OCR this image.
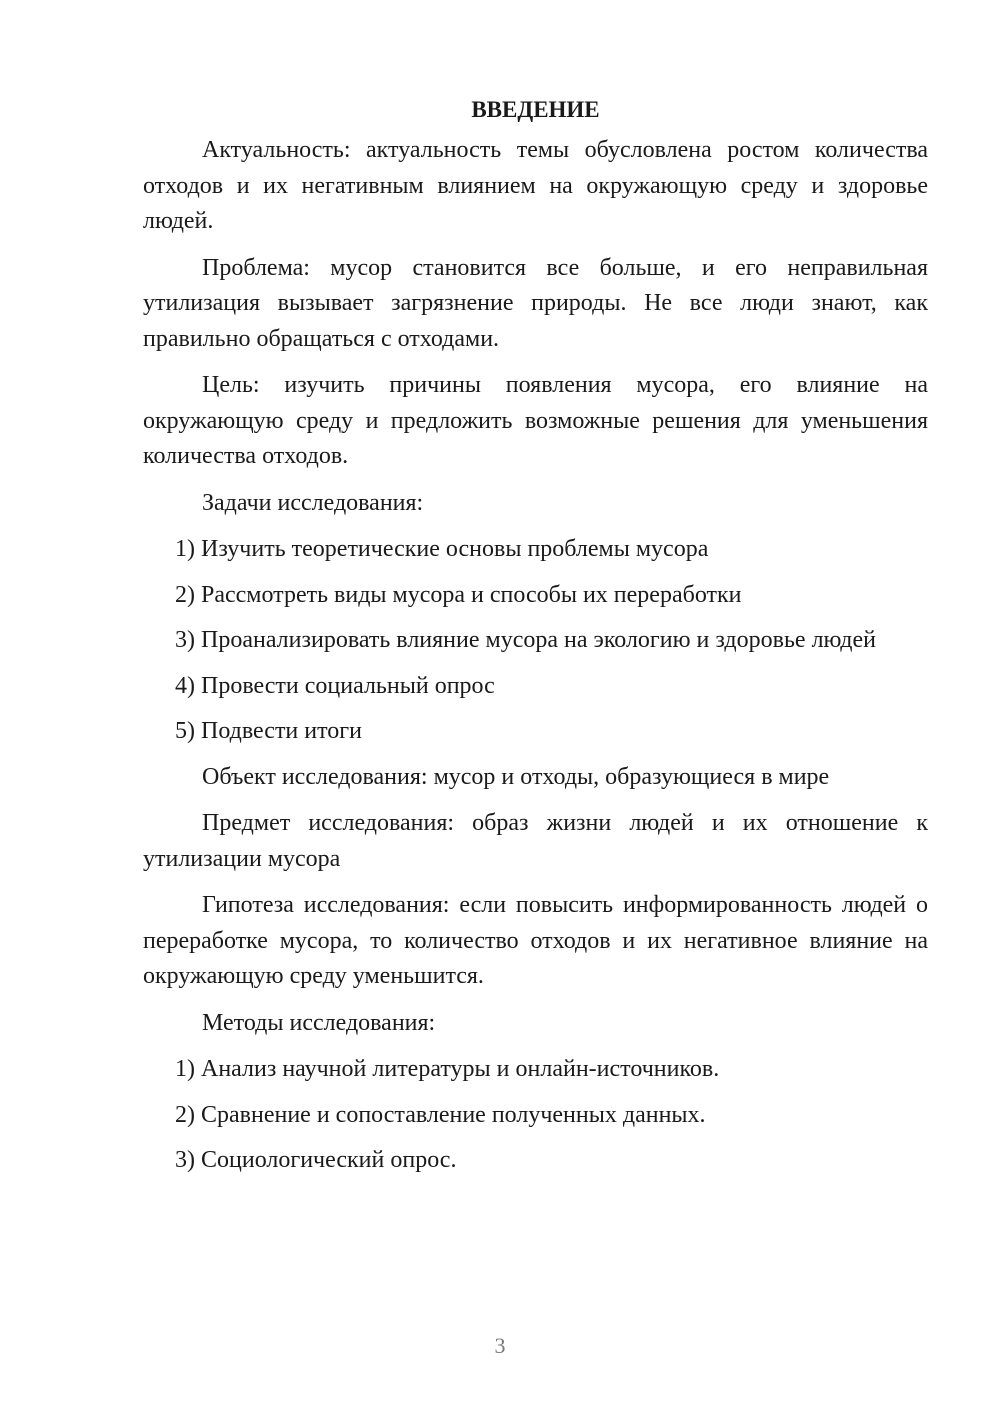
ВВЕДЕНИЕ

Актуальность: актуальность темы обусловлена ростом количества отходов и их негативным влиянием на окружающую среду и здоровье людей.

Проблема: мусор становится все больше, и его неправильная утилизация вызывает загрязнение природы. Не все люди знают, как правильно обращаться с отходами.

Цель: изучить причины появления мусора, его влияние на окружающую среду и предложить возможные решения для уменьшения количества отходов.

Задачи исследования:

1) Изучить теоретические основы проблемы мусора
2) Рассмотреть виды мусора и способы их переработки
3) Проанализировать влияние мусора на экологию и здоровье людей
4) Провести социальный опрос
5) Подвести итоги

Объект исследования: мусор и отходы, образующиеся в мире

Предмет исследования: образ жизни людей и их отношение к утилизации мусора

Гипотеза исследования: если повысить информированность людей о переработке мусора, то количество отходов и их негативное влияние на окружающую среду уменьшится.

Методы исследования:

1) Анализ научной литературы и онлайн-источников.
2) Сравнение и сопоставление полученных данных.
3) Социологический опрос.
3
